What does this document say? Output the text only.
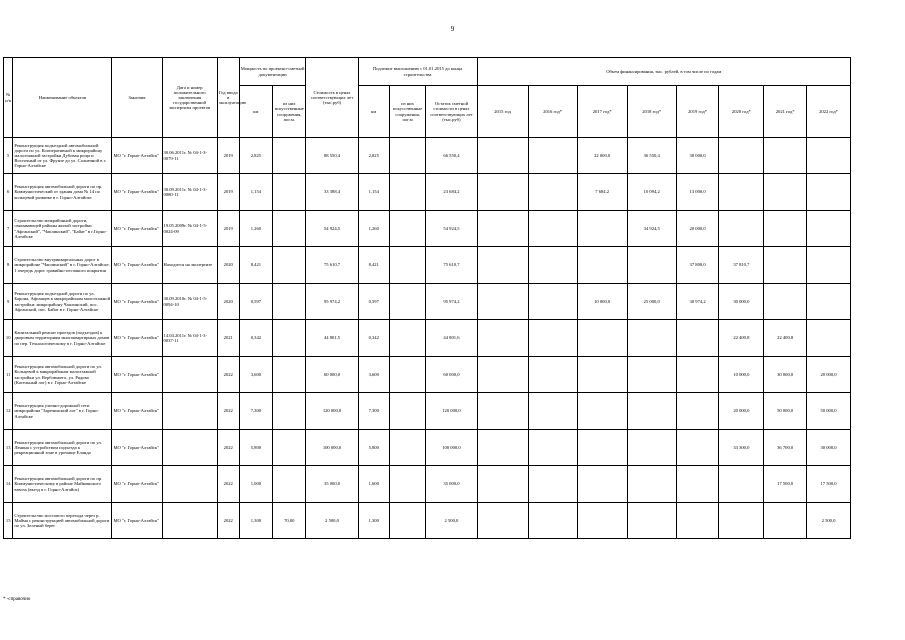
9
№ п/п	Наименование объектов	Заказчик	Дата и номер положительного заключения государственной экспертизы проектов	Год ввода в эксплуатацию	Мощность по проектно-сметной документации		Стоимость в ценах соответствующих лет (тыс.руб)	Подлежит выполнению с 01.01.2015 до конца строительства			Объем финансирования, тыс. рублей, в том числе по годам							
					км	из них искусственные сооружения, пог.м.		км	из них искусственные сооружения, пог.м	Остаток сметной стоимости в ценах соответствующих лет (тыс.руб)	2015 год	2016 год*	2017 год*	2018 год*	2019 год*	2020 год*	2021 год*	2022 год*
5	Реконструкция подъездной автомобильной дороги по ул. Кооперативной к микрорайону малоэтажной застройки Дубовая роща и Восточный от ул. Фрунзе до ул. Солнечной в г. Горно-Алтайске	МО "г. Горно-Алтайск"	30.06.2011г. № 04-1-3-0079-11	2019	2,825		88 550,4	2,825		66 550,4			22 000,0	36 550,4	30 000,0			
6	Реконструкция автомобильной дороги по пр. Коммунистический от здания дома № 14 по кольцевой развязке в г. Горно-Алтайске	МО "г. Горно-Алтайск"	30.09.2011г. № 04-1-3-0080-11	2019	1,154		33 388,4	1,154		23 684,2			7 684,2	10 094,2	13 000,0			
7	Строительство межрайонной дороги, связывающей районы жилой застройки "Афганский", "Чаплинский", "Байат" в г.Горно-Алтайске	МО "г. Горно-Алтайск"	19.05.2009г. № 04-1-5-0024-09	2019	1,260		54 924,5	1,260		54 924,5				34 924,5	20 000,0			
8	Строительство внутриквартальных дорог в микрорайоне "Чаплинский" в г. Горно-Алтайске, 1 очередь дорог гравийно-песчаного покрытия	МО "г. Горно-Алтайск"	Находится на экспертизе	2020	8,421		75 610,7	8,421		75 610,7					37 800,0	37 810,7		
9	Реконструкция подъездной дороги по ул. Барона, Афганцев к микрорайонам малоэтажной застройки: микрорайону Чаплинский, пос. Афганский, пос. Байат в г. Горно-Алтайске	МО "г. Горно-Алтайск"	30.09.2010г. № 04-1-5-0094-10	2020	0,597		95 974,2	0,597		95 974,2			10 000,0	25 000,0	30 974,2	30 000,0		
10	Капитальный ремонт проездов (подъездов) к дворовым территориям многоквартирных домов по пер. Технологическому в г. Горно-Алтайске	МО "г. Горно-Алтайск"	14.04.2011г. № 04-1-3-0037-11	2021	0,342		44 801,5	0,342		44 801,6						22 400,8	22 400,8	
11	Реконструкция автомобильной дороги по ул. Кольцевой к микрорайонам малоэтажной застройки ул. Верблюжего, ул. Рядова (Кательный лог) в г. Горно-Алтайске	МО "г. Горно-Алтайск"		2022	3,600		60 000,0	3,600		60 000,0						10 000,0	30 000,0	20 000,0
12	Реконструкция улично-дорожной сети микрорайона "Заречинский лог" в г. Горно-Алтайске	МО "г. Горно-Алтайск"		2022	7,300		120 000,0	7,300		120 000,0						20 000,0	50 000,0	50 000,0
13	Реконструкция автомобильной дороги по ул. Ленина с устройством подъезда к рекреационной зоне в урочище Еланда	МО "г. Горно-Алтайск"		2022	5,800		100 000,0	5,800		100 000,0						33 300,0	36 700,0	30 000,0
14	Реконструкция автомобильной дороги по пр. Коммунистическому в районе Майминского взвоза (въезд в г. Горно-Алтайск)	МО "г. Горно-Алтайск"		2022	1,000		35 000,0	1,600		35 000,0							17 500,0	17 500,0
15	Строительство мостового перехода через р. Майма с реконструкцией автомобильной дороги по ул. Зеленый берег	МО "г. Горно-Алтайск"		2022	1,300	70,00	2 500,0	1,300		2 500,0								2 500,0
* -справочно
